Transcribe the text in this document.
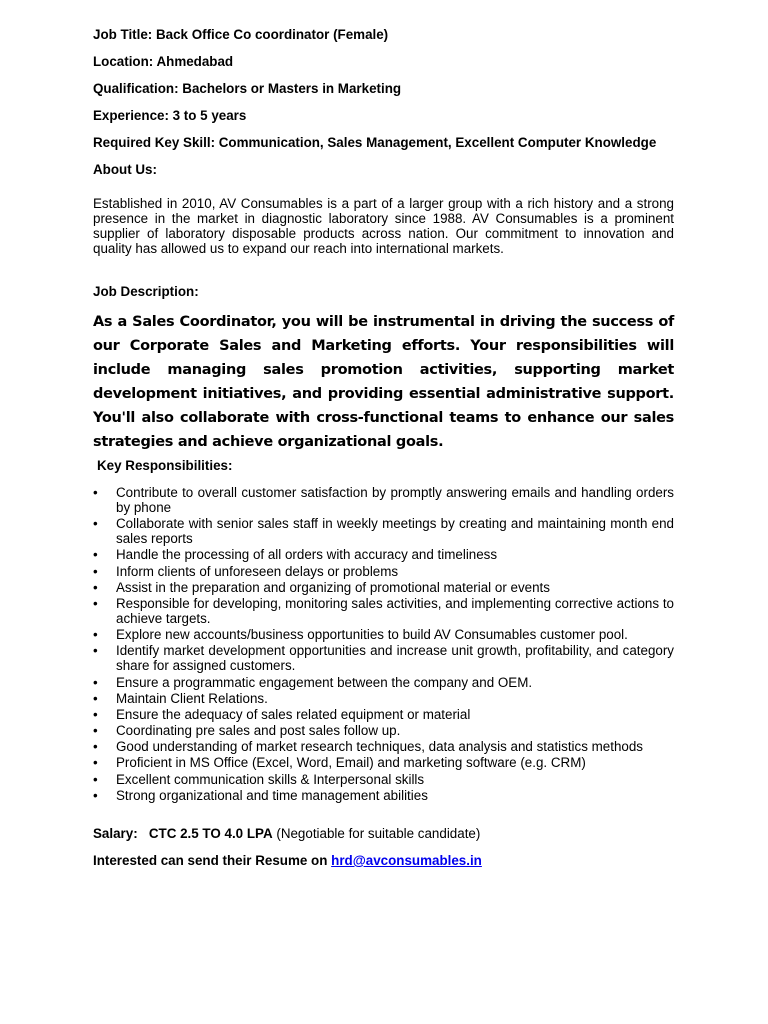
Job Title: Back Office Co coordinator (Female)
Location: Ahmedabad
Qualification: Bachelors or Masters in Marketing
Experience: 3 to 5 years
Required Key Skill: Communication, Sales Management, Excellent Computer Knowledge
About Us:
Established in 2010, AV Consumables is a part of a larger group with a rich history and a strong presence in the market in diagnostic laboratory since 1988. AV Consumables is a prominent supplier of laboratory disposable products across nation. Our commitment to innovation and quality has allowed us to expand our reach into international markets.
Job Description:
As a Sales Coordinator, you will be instrumental in driving the success of our Corporate Sales and Marketing efforts. Your responsibilities will include managing sales promotion activities, supporting market development initiatives, and providing essential administrative support. You'll also collaborate with cross-functional teams to enhance our sales strategies and achieve organizational goals.
Key Responsibilities:
• Contribute to overall customer satisfaction by promptly answering emails and handling orders by phone
• Collaborate with senior sales staff in weekly meetings by creating and maintaining month end sales reports
• Handle the processing of all orders with accuracy and timeliness
• Inform clients of unforeseen delays or problems
• Assist in the preparation and organizing of promotional material or events
• Responsible for developing, monitoring sales activities, and implementing corrective actions to achieve targets.
• Explore new accounts/business opportunities to build AV Consumables customer pool.
• Identify market development opportunities and increase unit growth, profitability, and category share for assigned customers.
• Ensure a programmatic engagement between the company and OEM.
• Maintain Client Relations.
• Ensure the adequacy of sales related equipment or material
• Coordinating pre sales and post sales follow up.
• Good understanding of market research techniques, data analysis and statistics methods
• Proficient in MS Office (Excel, Word, Email) and marketing software (e.g. CRM)
• Excellent communication skills & Interpersonal skills
• Strong organizational and time management abilities
Salary: CTC 2.5 TO 4.0 LPA (Negotiable for suitable candidate)
Interested can send their Resume on hrd@avconsumables.in
